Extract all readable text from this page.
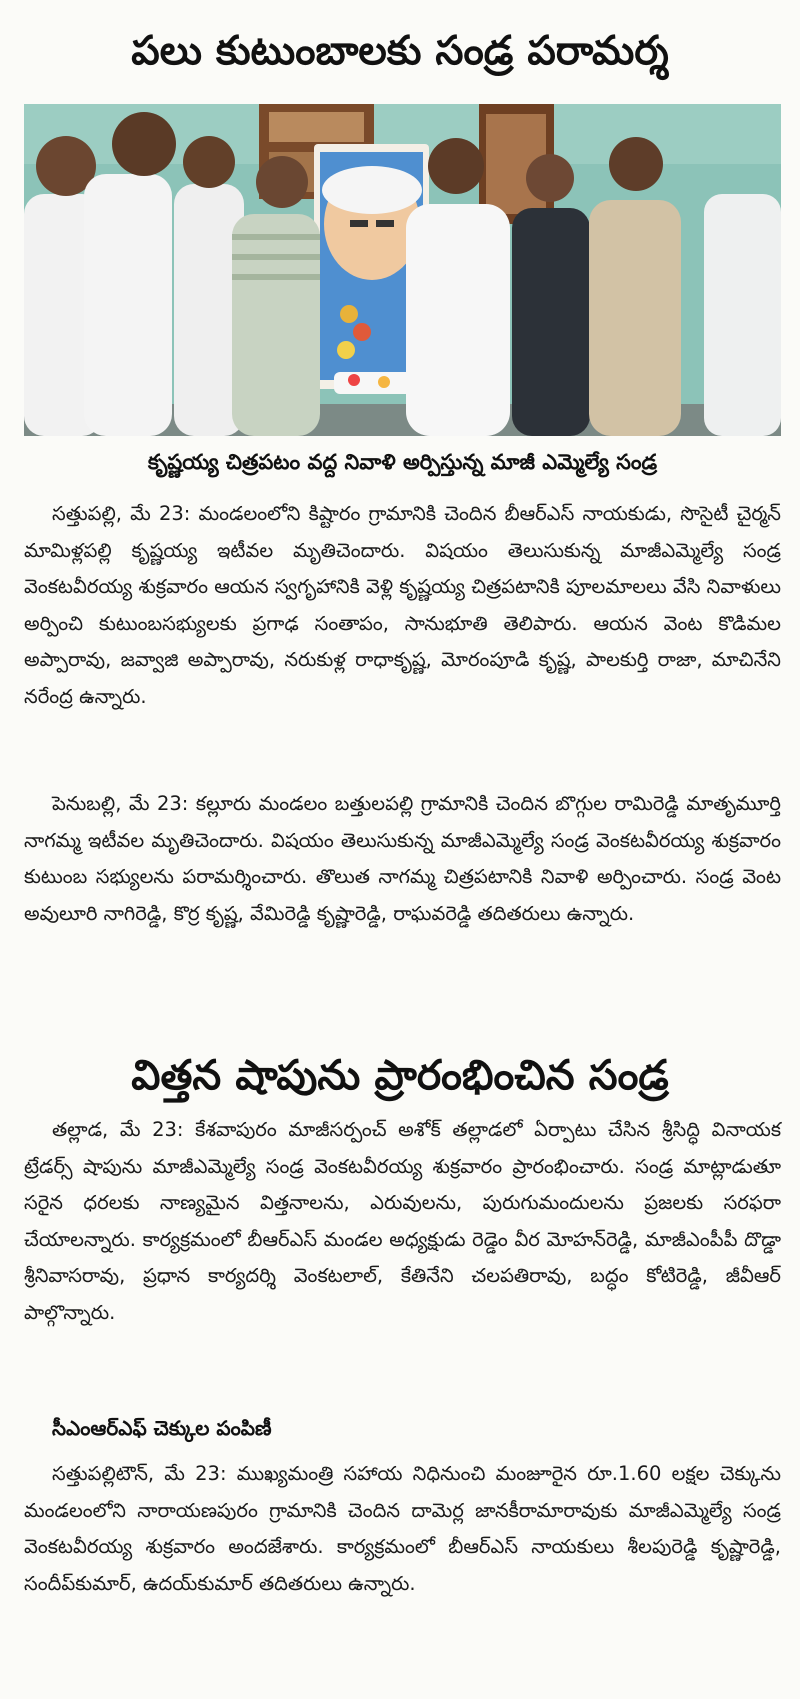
పలు కుటుంబాలకు సండ్ర పరామర్శ
కృష్ణయ్య చిత్రపటం వద్ద నివాళి అర్పిస్తున్న మాజీ ఎమ్మెల్యే సండ్ర

సత్తుపల్లి, మే 23: మండలంలోని కిష్టారం గ్రామానికి చెందిన బీఆర్ఎస్ నాయకుడు, సొసైటీ చైర్మన్ మామిళ్లపల్లి కృష్ణయ్య ఇటీవల మృతిచెందారు. విషయం తెలుసుకున్న మాజీఎమ్మెల్యే సండ్ర వెంకటవీరయ్య శుక్రవారం ఆయన స్వగృహానికి వెళ్లి కృష్ణయ్య చిత్రపటానికి పూలమాలలు వేసి నివాళులు అర్పించి కుటుంబసభ్యులకు ప్రగాఢ సంతాపం, సానుభూతి తెలిపారు. ఆయన వెంట కొడిమల అప్పారావు, జవ్వాజి అప్పారావు, నరుకుళ్ల రాధాకృష్ణ, మోరంపూడి కృష్ణ, పాలకుర్తి రాజా, మాచినేని నరేంద్ర ఉన్నారు.

పెనుబల్లి, మే 23: కల్లూరు మండలం బత్తులపల్లి గ్రామానికి చెందిన బొగ్గుల రామిరెడ్డి మాతృమూర్తి నాగమ్మ ఇటీవల మృతిచెందారు. విషయం తెలుసుకున్న మాజీఎమ్మెల్యే సండ్ర వెంకటవీరయ్య శుక్రవారం కుటుంబ సభ్యులను పరామర్శించారు. తొలుత నాగమ్మ చిత్రపటానికి నివాళి అర్పించారు. సండ్ర వెంట అవులూరి నాగిరెడ్డి, కొర్ర కృష్ణ, వేమిరెడ్డి కృష్ణారెడ్డి, రాఘవరెడ్డి తదితరులు ఉన్నారు.

విత్తన షాపును ప్రారంభించిన సండ్ర

తల్లాడ, మే 23: కేశవాపురం మాజీసర్పంచ్ అశోక్ తల్లాడలో ఏర్పాటు చేసిన శ్రీసిద్ధి వినాయక ట్రేడర్స్ షాపును మాజీఎమ్మెల్యే సండ్ర వెంకటవీరయ్య శుక్రవారం ప్రారంభించారు. సండ్ర మాట్లాడుతూ సరైన ధరలకు నాణ్యమైన విత్తనాలను, ఎరువులను, పురుగుమందులను ప్రజలకు సరఫరా చేయాలన్నారు. కార్యక్రమంలో బీఆర్ఎస్ మండల అధ్యక్షుడు రెడ్డెం వీర మోహన్‌రెడ్డి, మాజీఎంపీపీ దొడ్డా శ్రీనివాసరావు, ప్రధాన కార్యదర్శి వెంకటలాల్, కేతినేని చలపతిరావు, బద్ధం కోటిరెడ్డి, జీవీఆర్ పాల్గొన్నారు.

సీఎంఆర్ఎఫ్ చెక్కుల పంపిణీ

సత్తుపల్లిటౌన్, మే 23: ముఖ్యమంత్రి సహాయ నిధినుంచి మంజూరైన రూ.1.60 లక్షల చెక్కును మండలంలోని నారాయణపురం గ్రామానికి చెందిన దామెర్ల జానకీరామారావుకు మాజీఎమ్మెల్యే సండ్ర వెంకటవీరయ్య శుక్రవారం అందజేశారు. కార్యక్రమంలో బీఆర్ఎస్ నాయకులు శీలపురెడ్డి కృష్ణారెడ్డి, సందీప్‌కుమార్, ఉదయ్‌కుమార్ తదితరులు ఉన్నారు.
